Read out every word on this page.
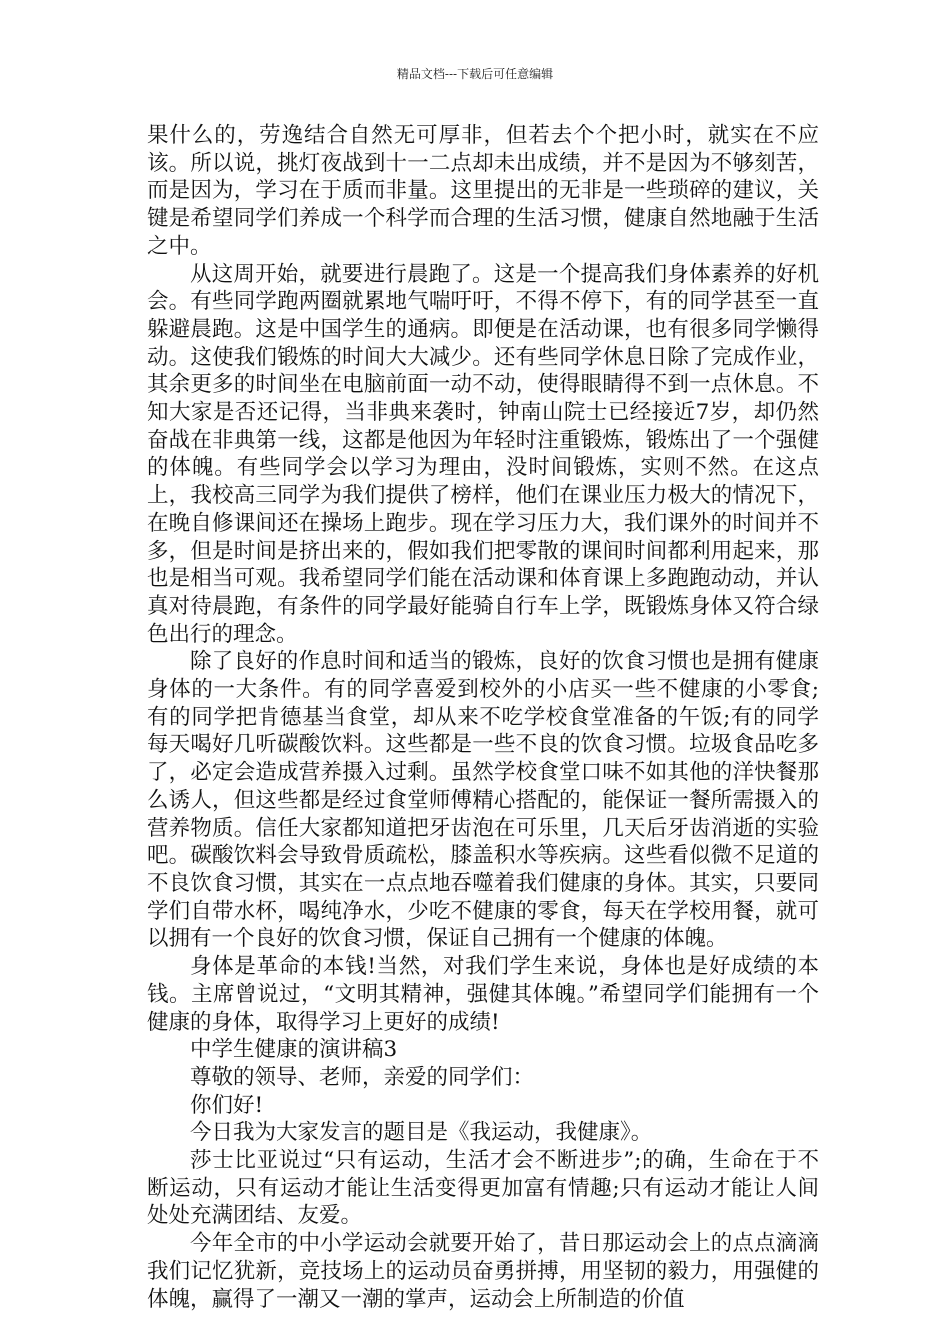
精品文档---下载后可任意编辑

果什么的，劳逸结合自然无可厚非，但若去个个把小时，就实在不应该。所以说，挑灯夜战到十一二点却未出成绩，并不是因为不够刻苦，而是因为，学习在于质而非量。这里提出的无非是一些琐碎的建议，关键是希望同学们养成一个科学而合理的生活习惯，健康自然地融于生活之中。

从这周开始，就要进行晨跑了。这是一个提高我们身体素养的好机会。有些同学跑两圈就累地气喘吁吁，不得不停下，有的同学甚至一直躲避晨跑。这是中国学生的通病。即便是在活动课，也有很多同学懒得动。这使我们锻炼的时间大大减少。还有些同学休息日除了完成作业，其余更多的时间坐在电脑前面一动不动，使得眼睛得不到一点休息。不知大家是否还记得，当非典来袭时，钟南山院士已经接近7岁，却仍然奋战在非典第一线，这都是他因为年轻时注重锻炼，锻炼出了一个强健的体魄。有些同学会以学习为理由，没时间锻炼，实则不然。在这点上，我校高三同学为我们提供了榜样，他们在课业压力极大的情况下，在晚自修课间还在操场上跑步。现在学习压力大，我们课外的时间并不多，但是时间是挤出来的，假如我们把零散的课间时间都利用起来，那也是相当可观。我希望同学们能在活动课和体育课上多跑跑动动，并认真对待晨跑，有条件的同学最好能骑自行车上学，既锻炼身体又符合绿色出行的理念。

除了良好的作息时间和适当的锻炼，良好的饮食习惯也是拥有健康身体的一大条件。有的同学喜爱到校外的小店买一些不健康的小零食;有的同学把肯德基当食堂，却从来不吃学校食堂准备的午饭;有的同学每天喝好几听碳酸饮料。这些都是一些不良的饮食习惯。垃圾食品吃多了，必定会造成营养摄入过剩。虽然学校食堂口味不如其他的洋快餐那么诱人，但这些都是经过食堂师傅精心搭配的，能保证一餐所需摄入的营养物质。信任大家都知道把牙齿泡在可乐里，几天后牙齿消逝的实验吧。碳酸饮料会导致骨质疏松，膝盖积水等疾病。这些看似微不足道的不良饮食习惯，其实在一点点地吞噬着我们健康的身体。其实，只要同学们自带水杯，喝纯净水，少吃不健康的零食，每天在学校用餐，就可以拥有一个良好的饮食习惯，保证自己拥有一个健康的体魄。

身体是革命的本钱!当然，对我们学生来说，身体也是好成绩的本钱。主席曾说过，“文明其精神，强健其体魄。”希望同学们能拥有一个健康的身体，取得学习上更好的成绩!

中学生健康的演讲稿3

尊敬的领导、老师，亲爱的同学们：

你们好!

今日我为大家发言的题目是《我运动，我健康》。

莎士比亚说过“只有运动，生活才会不断进步”;的确，生命在于不断运动，只有运动才能让生活变得更加富有情趣;只有运动才能让人间处处充满团结、友爱。

今年全市的中小学运动会就要开始了，昔日那运动会上的点点滴滴我们记忆犹新，竞技场上的运动员奋勇拼搏，用坚韧的毅力，用强健的体魄，赢得了一潮又一潮的掌声，运动会上所制造的价值
